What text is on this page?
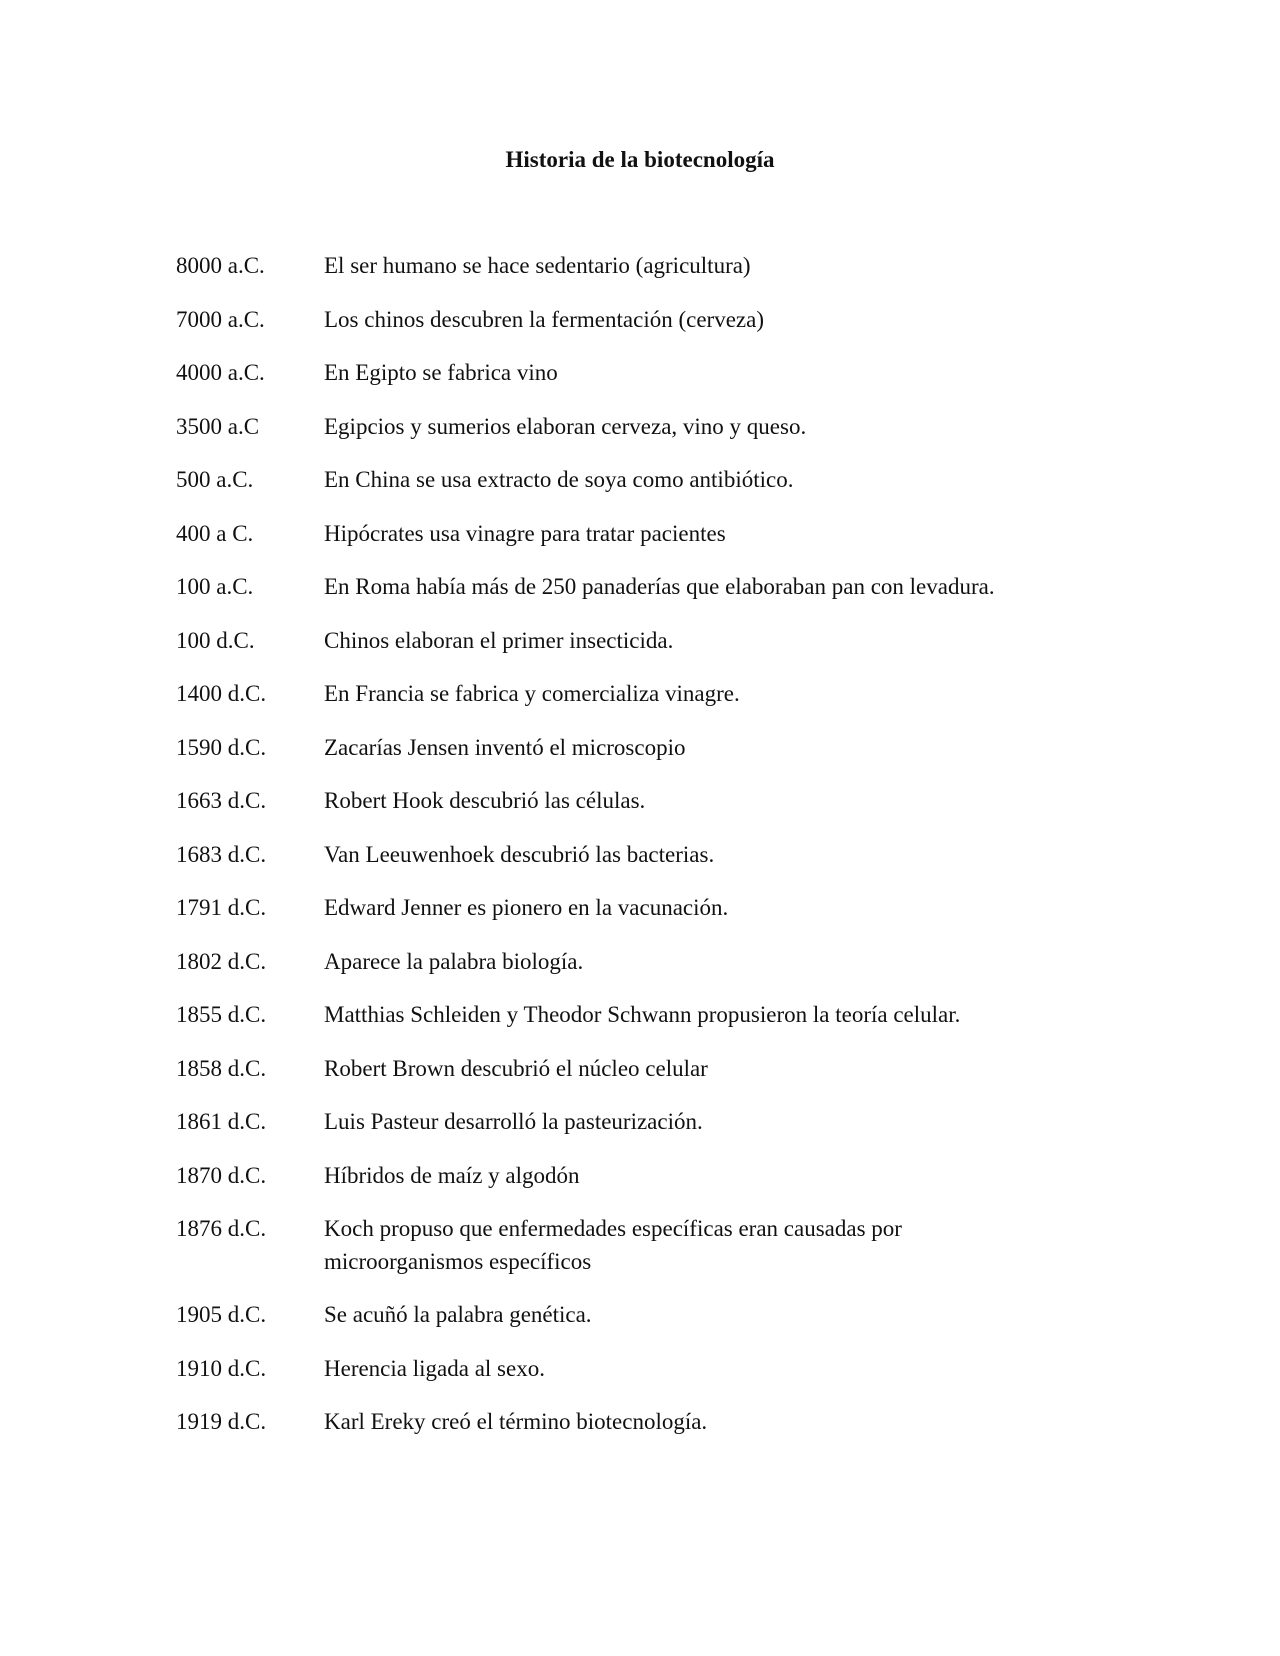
Historia de la biotecnología
8000 a.C.	El ser humano se hace sedentario (agricultura)
7000 a.C.	Los chinos descubren la fermentación (cerveza)
4000 a.C.	En Egipto se fabrica vino
3500 a.C	Egipcios y sumerios elaboran cerveza, vino y queso.
500 a.C.	En China se usa extracto de soya como antibiótico.
400 a C.	Hipócrates usa vinagre para tratar pacientes
100 a.C.	En Roma había más de 250 panaderías que elaboraban pan con levadura.
100 d.C.	Chinos elaboran el primer insecticida.
1400 d.C.	En Francia se fabrica y comercializa vinagre.
1590 d.C.	Zacarías Jensen inventó el microscopio
1663 d.C.	Robert Hook descubrió las células.
1683 d.C.	Van Leeuwenhoek descubrió las bacterias.
1791 d.C.	Edward Jenner es pionero en la vacunación.
1802 d.C.	Aparece la palabra biología.
1855 d.C.	Matthias Schleiden y Theodor Schwann propusieron la teoría celular.
1858 d.C.	Robert Brown descubrió el núcleo celular
1861 d.C.	Luis Pasteur desarrolló la pasteurización.
1870 d.C.	Híbridos de maíz y algodón
1876 d.C.	Koch propuso que enfermedades específicas eran causadas por microorganismos específicos
1905 d.C.	Se acuñó la palabra genética.
1910 d.C.	Herencia ligada al sexo.
1919 d.C.	Karl Ereky creó el término biotecnología.
